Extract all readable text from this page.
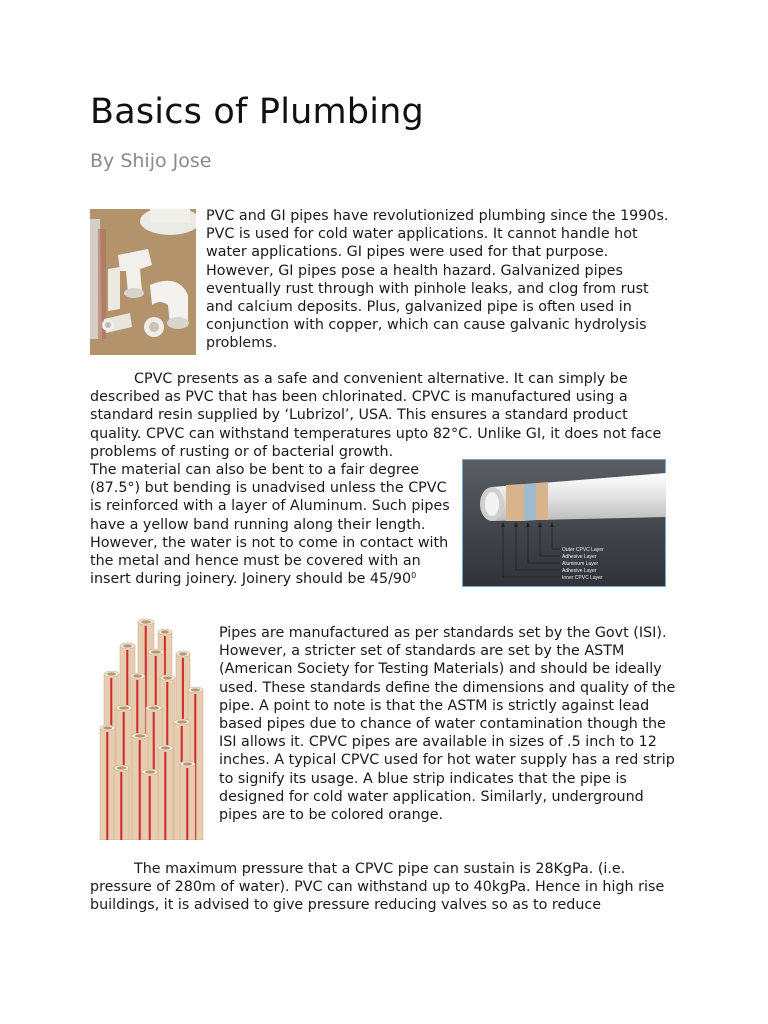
Basics of Plumbing
By Shijo Jose

PVC and GI pipes have revolutionized plumbing since the 1990s. PVC is used for cold water applications. It cannot handle hot water applications. GI pipes were used for that purpose. However, GI pipes pose a health hazard. Galvanized pipes eventually rust through with pinhole leaks, and clog from rust and calcium deposits. Plus, galvanized pipe is often used in conjunction with copper, which can cause galvanic hydrolysis problems.

CPVC presents as a safe and convenient alternative. It can simply be described as PVC that has been chlorinated. CPVC is manufactured using a standard resin supplied by ‘Lubrizol’, USA. This ensures a standard product quality. CPVC can withstand temperatures upto 82°C. Unlike GI, it does not face problems of rusting or of bacterial growth.

Outer CPVC Layer
Adhesive Layer
Aluminum Layer
Adhesive Layer
Inner CPVC Layer

The material can also be bent to a fair degree (87.5°) but bending is unadvised unless the CPVC is reinforced with a layer of Aluminum. Such pipes have a yellow band running along their length. However, the water is not to come in contact with the metal and hence must be covered with an insert during joinery. Joinery should be $45/90^0$

Pipes are manufactured as per standards set by the Govt (ISI). However, a stricter set of standards are set by the ASTM (American Society for Testing Materials) and should be ideally used. These standards define the dimensions and quality of the pipe. A point to note is that the ASTM is strictly against lead based pipes due to chance of water contamination though the ISI allows it. CPVC pipes are available in sizes of .5 inch to 12 inches. A typical CPVC used for hot water supply has a red strip to signify its usage. A blue strip indicates that the pipe is designed for cold water application. Similarly, underground pipes are to be colored orange.

The maximum pressure that a CPVC pipe can sustain is 28KgPa. (i.e. pressure of 280m of water). PVC can withstand up to 40kgPa. Hence in high rise buildings, it is advised to give pressure reducing valves so as to reduce
